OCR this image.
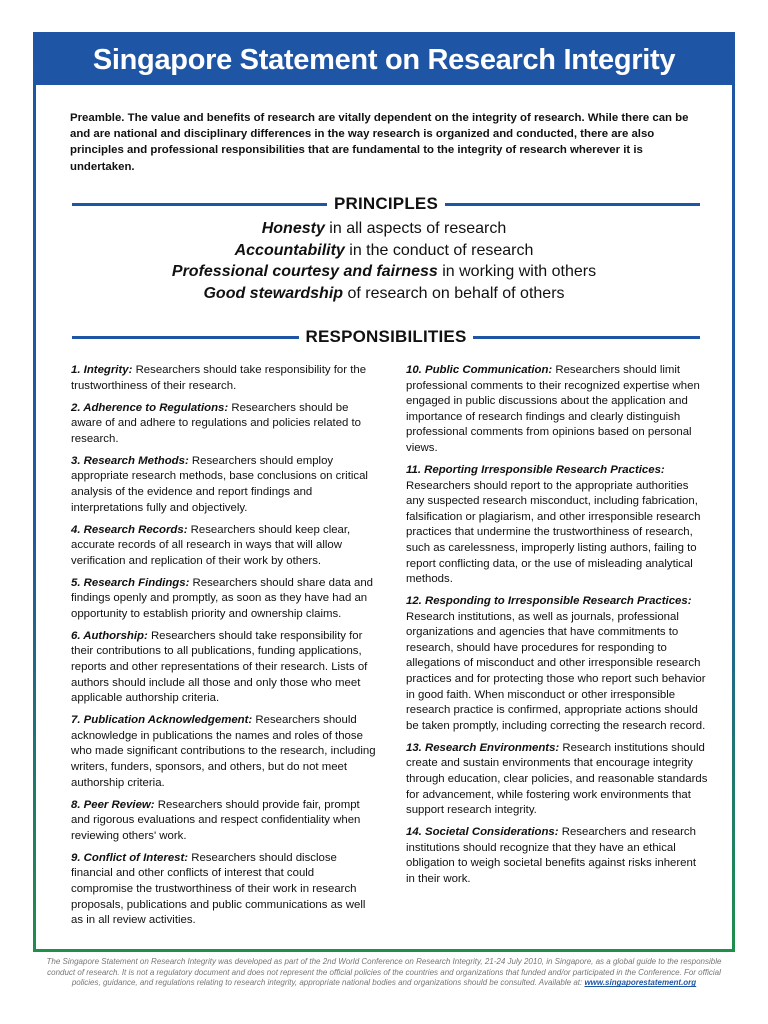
Singapore Statement on Research Integrity
Preamble. The value and benefits of research are vitally dependent on the integrity of research. While there can be and are national and disciplinary differences in the way research is organized and conducted, there are also principles and professional responsibilities that are fundamental to the integrity of research wherever it is undertaken.
PRINCIPLES
Honesty in all aspects of research
Accountability in the conduct of research
Professional courtesy and fairness in working with others
Good stewardship of research on behalf of others
RESPONSIBILITIES

1. Integrity: Researchers should take responsibility for the trustworthiness of their research.

2. Adherence to Regulations: Researchers should be aware of and adhere to regulations and policies related to research.

3. Research Methods: Researchers should employ appropriate research methods, base conclusions on critical analysis of the evidence and report findings and interpretations fully and objectively.

4. Research Records: Researchers should keep clear, accurate records of all research in ways that will allow verification and replication of their work by others.

5. Research Findings: Researchers should share data and findings openly and promptly, as soon as they have had an opportunity to establish priority and ownership claims.

6. Authorship: Researchers should take responsibility for their contributions to all publications, funding applications, reports and other representations of their research. Lists of authors should include all those and only those who meet applicable authorship criteria.

7. Publication Acknowledgement: Researchers should acknowledge in publications the names and roles of those who made significant contributions to the research, including writers, funders, sponsors, and others, but do not meet authorship criteria.

8. Peer Review: Researchers should provide fair, prompt and rigorous evaluations and respect confidentiality when reviewing others' work.

9. Conflict of Interest: Researchers should disclose financial and other conflicts of interest that could compromise the trustworthiness of their work in research proposals, publications and public communications as well as in all review activities.

10. Public Communication: Researchers should limit professional comments to their recognized expertise when engaged in public discussions about the application and importance of research findings and clearly distinguish professional comments from opinions based on personal views.

11. Reporting Irresponsible Research Practices: Researchers should report to the appropriate authorities any suspected research misconduct, including fabrication, falsification or plagiarism, and other irresponsible research practices that undermine the trustworthiness of research, such as carelessness, improperly listing authors, failing to report conflicting data, or the use of misleading analytical methods.

12. Responding to Irresponsible Research Practices: Research institutions, as well as journals, professional organizations and agencies that have commitments to research, should have procedures for responding to allegations of misconduct and other irresponsible research practices and for protecting those who report such behavior in good faith. When misconduct or other irresponsible research practice is confirmed, appropriate actions should be taken promptly, including correcting the research record.

13. Research Environments: Research institutions should create and sustain environments that encourage integrity through education, clear policies, and reasonable standards for advancement, while fostering work environments that support research integrity.

14. Societal Considerations: Researchers and research institutions should recognize that they have an ethical obligation to weigh societal benefits against risks inherent in their work.

The Singapore Statement on Research Integrity was developed as part of the 2nd World Conference on Research Integrity, 21-24 July 2010, in Singapore, as a global guide to the responsible conduct of research. It is not a regulatory document and does not represent the official policies of the countries and organizations that funded and/or participated in the Conference. For official policies, guidance, and regulations relating to research integrity, appropriate national bodies and organizations should be consulted. Available at: www.singaporestatement.org
